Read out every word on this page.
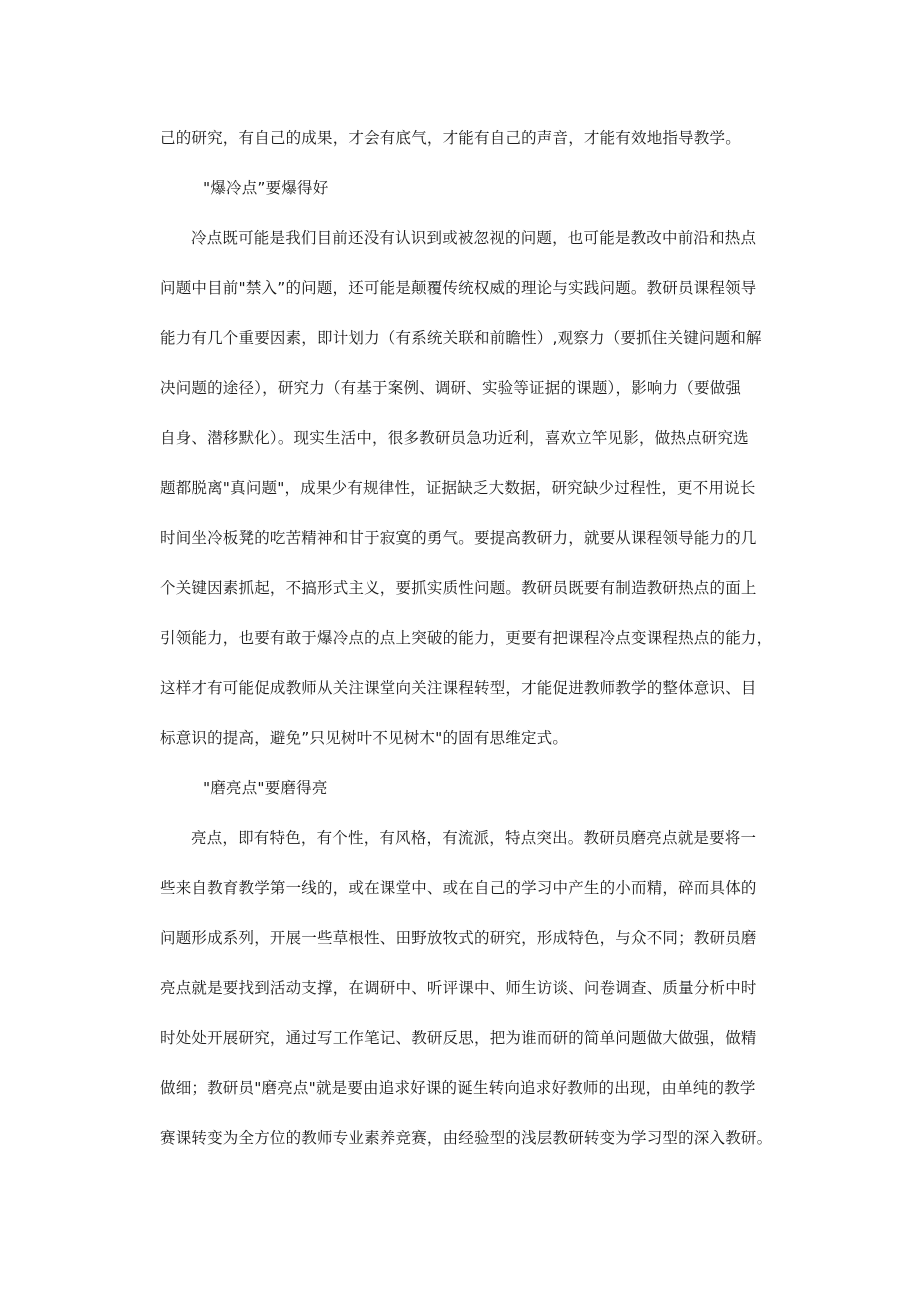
己的研究，有自己的成果，才会有底气，才能有自己的声音，才能有效地指导教学。
"爆冷点”要爆得好
冷点既可能是我们目前还没有认识到或被忽视的问题，也可能是教改中前沿和热点
问题中目前"禁入”的问题，还可能是颠覆传统权威的理论与实践问题。教研员课程领导
能力有几个重要因素，即计划力（有系统关联和前瞻性）,观察力（要抓住关键问题和解
决问题的途径），研究力（有基于案例、调研、实验等证据的课题），影响力（要做强
自身、潜移默化）。现实生活中，很多教研员急功近利，喜欢立竿见影，做热点研究选
题都脱离"真问题"，成果少有规律性，证据缺乏大数据，研究缺少过程性，更不用说长
时间坐冷板凳的吃苦精神和甘于寂寞的勇气。要提高教研力，就要从课程领导能力的几
个关键因素抓起，不搞形式主义，要抓实质性问题。教研员既要有制造教研热点的面上
引领能力，也要有敢于爆冷点的点上突破的能力，更要有把课程冷点变课程热点的能力，
这样才有可能促成教师从关注课堂向关注课程转型，才能促进教师教学的整体意识、目
标意识的提高，避免”只见树叶不见树木"的固有思维定式。
"磨亮点"要磨得亮
亮点，即有特色，有个性，有风格，有流派，特点突出。教研员磨亮点就是要将一
些来自教育教学第一线的，或在课堂中、或在自己的学习中产生的小而精，碎而具体的
问题形成系列，开展一些草根性、田野放牧式的研究，形成特色，与众不同；教研员磨
亮点就是要找到活动支撑，在调研中、听评课中、师生访谈、问卷调查、质量分析中时
时处处开展研究，通过写工作笔记、教研反思，把为谁而研的简单问题做大做强，做精
做细；教研员"磨亮点"就是要由追求好课的诞生转向追求好教师的出现，由单纯的教学
赛课转变为全方位的教师专业素养竞赛，由经验型的浅层教研转变为学习型的深入教研。
